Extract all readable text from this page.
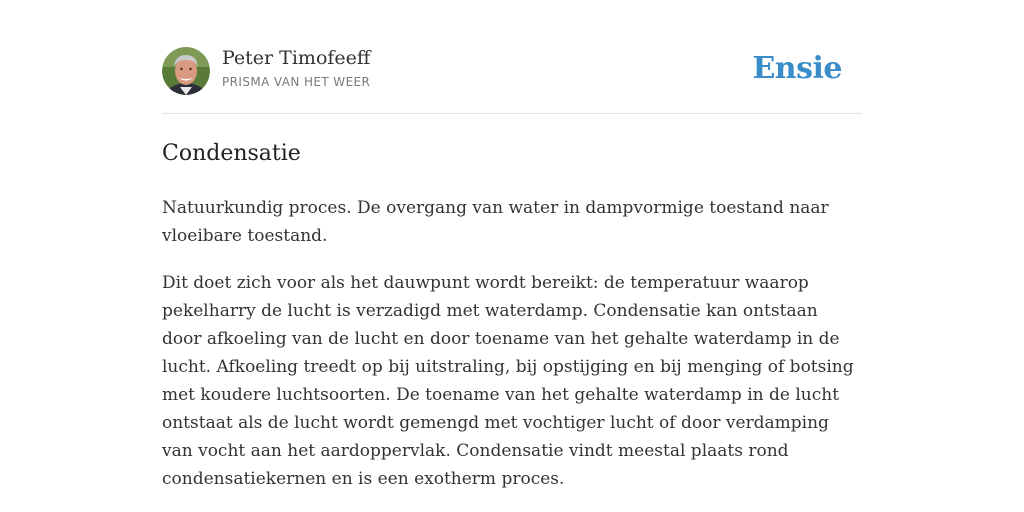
Peter Timofeeff
PRISMA VAN HET WEER	Ensie
Condensatie

Natuurkundig proces. De overgang van water in dampvormige toestand naar vloeibare toestand.

Dit doet zich voor als het dauwpunt wordt bereikt: de temperatuur waarop pekelharry de lucht is verzadigd met waterdamp. Condensatie kan ontstaan door afkoeling van de lucht en door toename van het gehalte waterdamp in de lucht. Afkoeling treedt op bij uitstraling, bij opstijging en bij menging of botsing met koudere luchtsoorten. De toename van het gehalte waterdamp in de lucht ontstaat als de lucht wordt gemengd met vochtiger lucht of door verdamping van vocht aan het aardoppervlak. Condensatie vindt meestal plaats rond condensatiekernen en is een exotherm proces.
